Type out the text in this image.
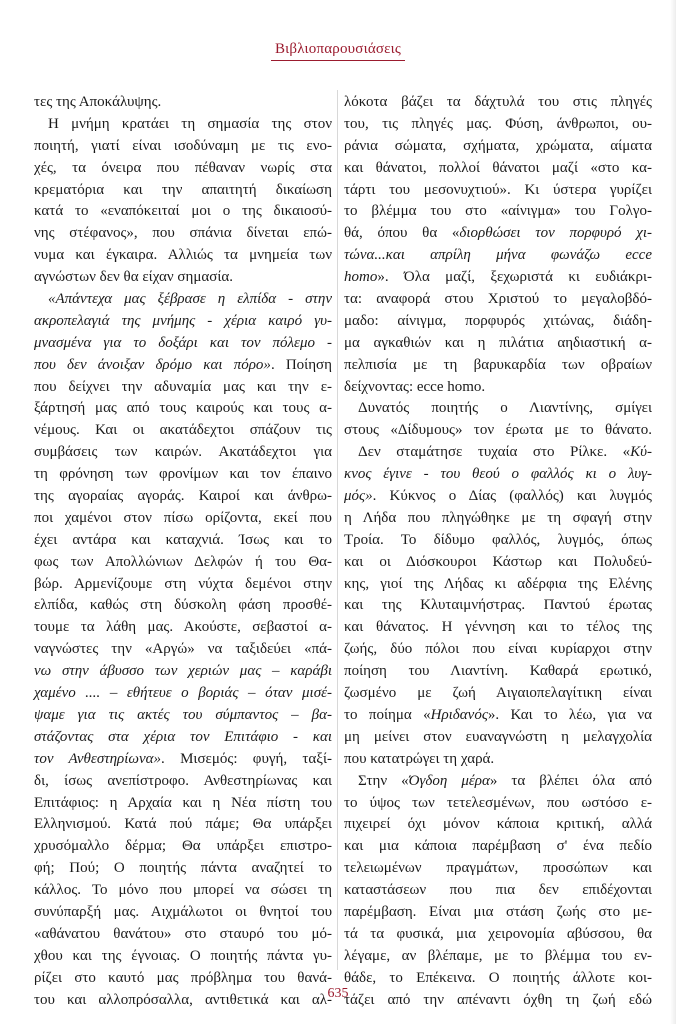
Βιβλιοπαρουσιάσεις
τες της Αποκάλυψης.
Η μνήμη κρατάει τη σημασία της στον
ποιητή, γιατί είναι ισοδύναμη με τις ενο-
χές, τα όνειρα που πέθαναν νωρίς στα
κρεματόρια και την απαιτητή δικαίωση
κατά το «εναπόκειταί μοι ο της δικαιοσύ-
νης στέφανος», που σπάνια δίνεται επώ-
νυμα και έγκαιρα. Αλλιώς τα μνημεία των
αγνώστων δεν θα είχαν σημασία.
«Απάντεχα μας ξέβρασε η ελπίδα - στην
ακροπελαγιά της μνήμης - χέρια καιρό γυ-
μνασμένα για το δοξάρι και τον πόλεμο -
που δεν άνοιξαν δρόμο και πόρο». Ποίηση
που δείχνει την αδυναμία μας και την ε-
ξάρτησή μας από τους καιρούς και τους α-
νέμους. Και οι ακατάδεχτοι σπάζουν τις
συμβάσεις των καιρών. Ακατάδεχτοι για
τη φρόνηση των φρονίμων και τον έπαινο
της αγοραίας αγοράς. Καιροί και άνθρω-
ποι χαμένοι στον πίσω ορίζοντα, εκεί που
έχει αντάρα και καταχνιά. Ίσως και το
φως των Απολλώνιων Δελφών ή του Θα-
βώρ. Αρμενίζουμε στη νύχτα δεμένοι στην
ελπίδα, καθώς στη δύσκολη φάση προσθέ-
τουμε τα λάθη μας. Ακούστε, σεβαστοί α-
ναγνώστες την «Αργώ» να ταξιδεύει «πά-
νω στην άβυσσο των χεριών μας – καράβι
χαμένο .... – εθήτευε ο βοριάς – όταν μισέ-
ψαμε για τις ακτές του σύμπαντος – βα-
στάζοντας στα χέρια τον Επιτάφιο - και
τον Ανθεστηρίωνα». Μισεμός: φυγή, ταξί-
δι, ίσως ανεπίστροφο. Ανθεστηρίωνας και
Επιτάφιος: η Αρχαία και η Νέα πίστη του
Ελληνισμού. Κατά πού πάμε; Θα υπάρξει
χρυσόμαλλο δέρμα; Θα υπάρξει επιστρο-
φή; Πού; Ο ποιητής πάντα αναζητεί το
κάλλος. Το μόνο που μπορεί να σώσει τη
συνύπαρξή μας. Αιχμάλωτοι οι θνητοί του
«αθάνατου θανάτου» στο σταυρό του μό-
χθου και της έγνοιας. Ο ποιητής πάντα γυ-
ρίζει στο καυτό μας πρόβλημα του θανά-
του και αλλοπρόσαλλα, αντιθετικά και αλ-
λόκοτα βάζει τα δάχτυλά του στις πληγές
του, τις πληγές μας. Φύση, άνθρωποι, ου-
ράνια σώματα, σχήματα, χρώματα, αίματα
και θάνατοι, πολλοί θάνατοι μαζί «στο κα-
τάρτι του μεσονυχτιού». Κι ύστερα γυρίζει
το βλέμμα του στο «αίνιγμα» του Γολγο-
θά, όπου θα «διορθώσει τον πορφυρό χι-
τώνα...και απρίλη μήνα φωνάζω ecce
homo». Όλα μαζί, ξεχωριστά κι ευδιάκρι-
τα: αναφορά στου Χριστού το μεγαλοβδό-
μαδο: αίνιγμα, πορφυρός χιτώνας, διάδη-
μα αγκαθιών και η πιλάτια αηδιαστική α-
πελπισία με τη βαρυκαρδία των οβραίων
δείχνοντας: ecce homo.
Δυνατός ποιητής ο Λιαντίνης, σμίγει
στους «Δίδυμους» τον έρωτα με το θάνατο.
Δεν σταμάτησε τυχαία στο Ρίλκε. «Κύ-
κνος έγινε - του θεού ο φαλλός κι ο λυγ-
μός». Κύκνος ο Δίας (φαλλός) και λυγμός
η Λήδα που πληγώθηκε με τη σφαγή στην
Τροία. Το δίδυμο φαλλός, λυγμός, όπως
και οι Διόσκουροι Κάστωρ και Πολυδεύ-
κης, γιοί της Λήδας κι αδέρφια της Ελένης
και της Κλυταιμνήστρας. Παντού έρωτας
και θάνατος. Η γέννηση και το τέλος της
ζωής, δύο πόλοι που είναι κυρίαρχοι στην
ποίηση του Λιαντίνη. Καθαρά ερωτικό,
ζωσμένο με ζωή Αιγαιοπελαγίτικη είναι
το ποίημα «Ηριδανός». Και το λέω, για να
μη μείνει στον ευαναγνώστη η μελαγχολία
που κατατρώγει τη χαρά.
Στην «Όγδοη μέρα» τα βλέπει όλα από
το ύψος των τετελεσμένων, που ωστόσο ε-
πιχειρεί όχι μόνον κάποια κριτική, αλλά
και μια κάποια παρέμβαση σ' ένα πεδίο
τελειωμένων πραγμάτων, προσώπων και
καταστάσεων που πια δεν επιδέχονται
παρέμβαση. Είναι μια στάση ζωής στο με-
τά τα φυσικά, μια χειρονομία αβύσσου, θα
λέγαμε, αν βλέπαμε, με το βλέμμα του εν-
θάδε, το Επέκεινα. Ο ποιητής άλλοτε κοι-
τάζει από την απέναντι όχθη τη ζωή εδώ
635
